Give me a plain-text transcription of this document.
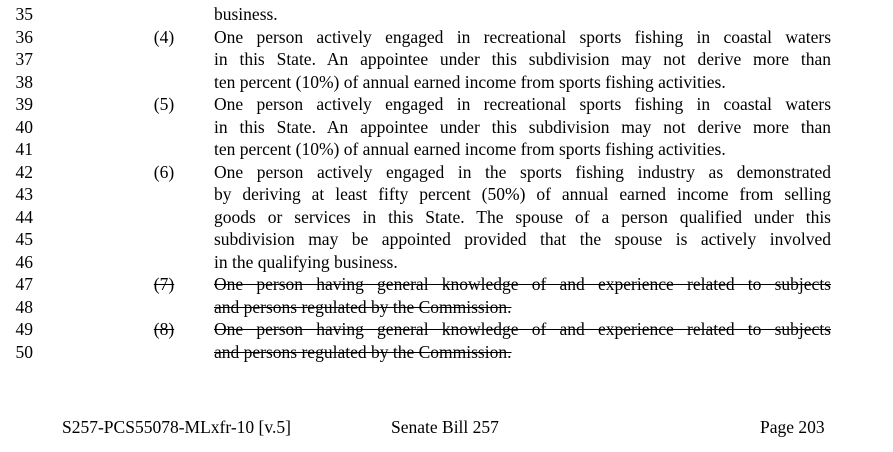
35	business.
36	(4) One person actively engaged in recreational sports fishing in coastal waters
37	in this State. An appointee under this subdivision may not derive more than
38	ten percent (10%) of annual earned income from sports fishing activities.
39	(5) One person actively engaged in recreational sports fishing in coastal waters
40	in this State. An appointee under this subdivision may not derive more than
41	ten percent (10%) of annual earned income from sports fishing activities.
42	(6) One person actively engaged in the sports fishing industry as demonstrated
43	by deriving at least fifty percent (50%) of annual earned income from selling
44	goods or services in this State. The spouse of a person qualified under this
45	subdivision may be appointed provided that the spouse is actively involved
46	in the qualifying business.
47	(7) One person having general knowledge of and experience related to subjects
48	and persons regulated by the Commission.
49	(8) One person having general knowledge of and experience related to subjects
50	and persons regulated by the Commission.
S257-PCS55078-MLxfr-10 [v.5]	Senate Bill 257	Page 203
